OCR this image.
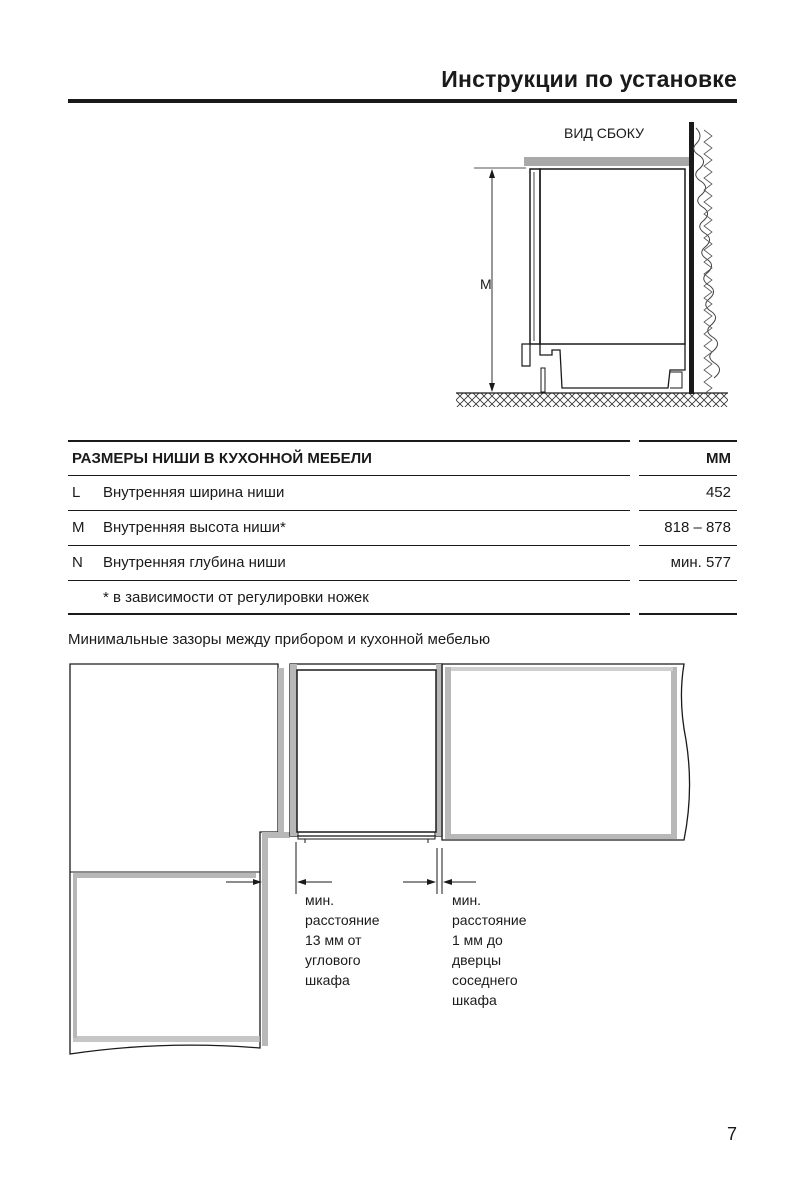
Инструкции по установке
M
ВИД СБОКУ
РАЗМЕРЫ НИШИ В КУХОННОЙ МЕБЕЛИ	MM
L Внутренняя ширина ниши	452
M Внутренняя высота ниши*	818 – 878
N Внутренняя глубина ниши	мин. 577
* в зависимости от регулировки ножек
Минимальные зазоры между прибором и кухонной мебелью
мин.
расстояние
13 мм от
углового
шкафа
мин.
расстояние
1 мм до
дверцы
соседнего
шкафа
7
